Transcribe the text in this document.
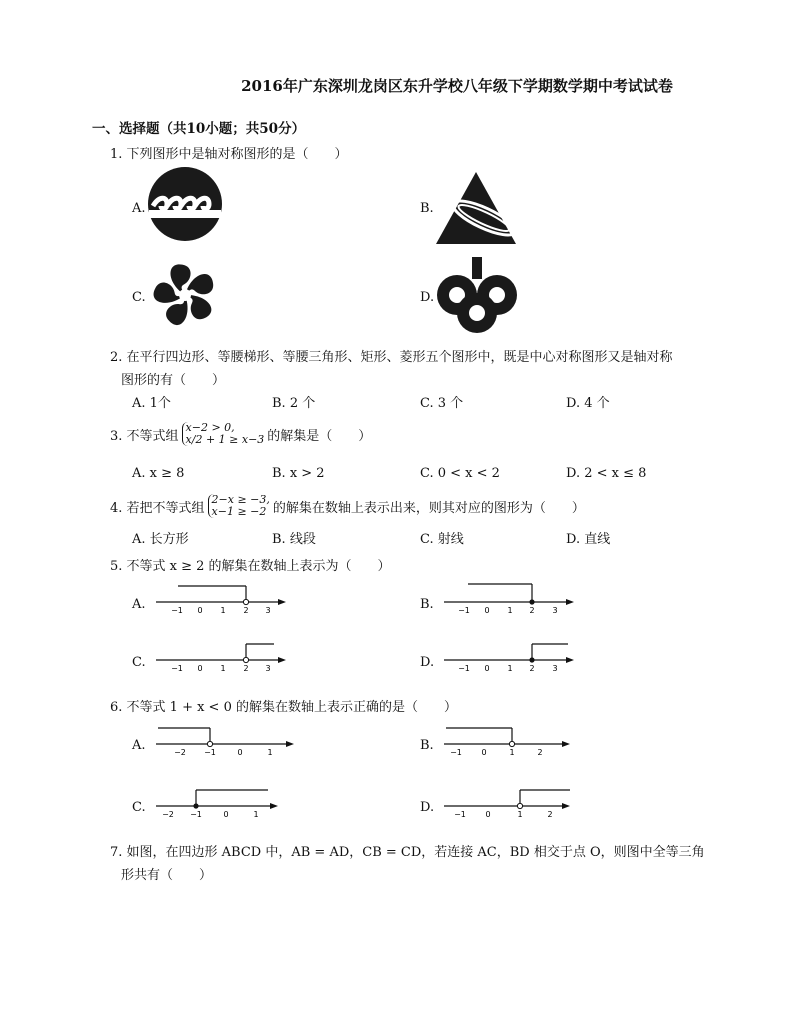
2016年广东深圳龙岗区东升学校八年级下学期数学期中考试试卷
一、选择题（共10小题；共50分）
1. 下列图形中是轴对称图形的是（　　）
A.	B.
C.	D.
2. 在平行四边形、等腰梯形、等腰三角形、矩形、菱形五个图形中，既是中心对称图形又是轴对称
图形的有（　　）
A. 1个	B. 2 个	C. 3 个	D. 4 个
3. 不等式组
x−2 > 0,
x/2 + 1 ≥ x−3 的解集是（　　）
A. x ≥ 8	B. x > 2	C. 0 < x < 2	D. 2 < x ≤ 8
4. 若把不等式组
2−x ≥ −3,
x−1 ≥ −2 的解集在数轴上表示出来，则其对应的图形为（　　）
A. 长方形	B. 线段	C. 射线	D. 直线
5. 不等式 x ≥ 2 的解集在数轴上表示为（　　）
A.	B.
C.	D.
−1 0 1 2 3	−1 0 1 2 3
−1 0 1 2 3	−1 0 1 2 3
6. 不等式 1 + x < 0 的解集在数轴上表示正确的是（　　）
A.	B.
C.	D.
−2 −1	0	1	−1 0	1	2
−2 −1	0	1	−1 0	1	2
7. 如图，在四边形 ABCD 中，AB = AD，CB = CD，若连接 AC，BD 相交于点 O，则图中全等三角
形共有（　　）
